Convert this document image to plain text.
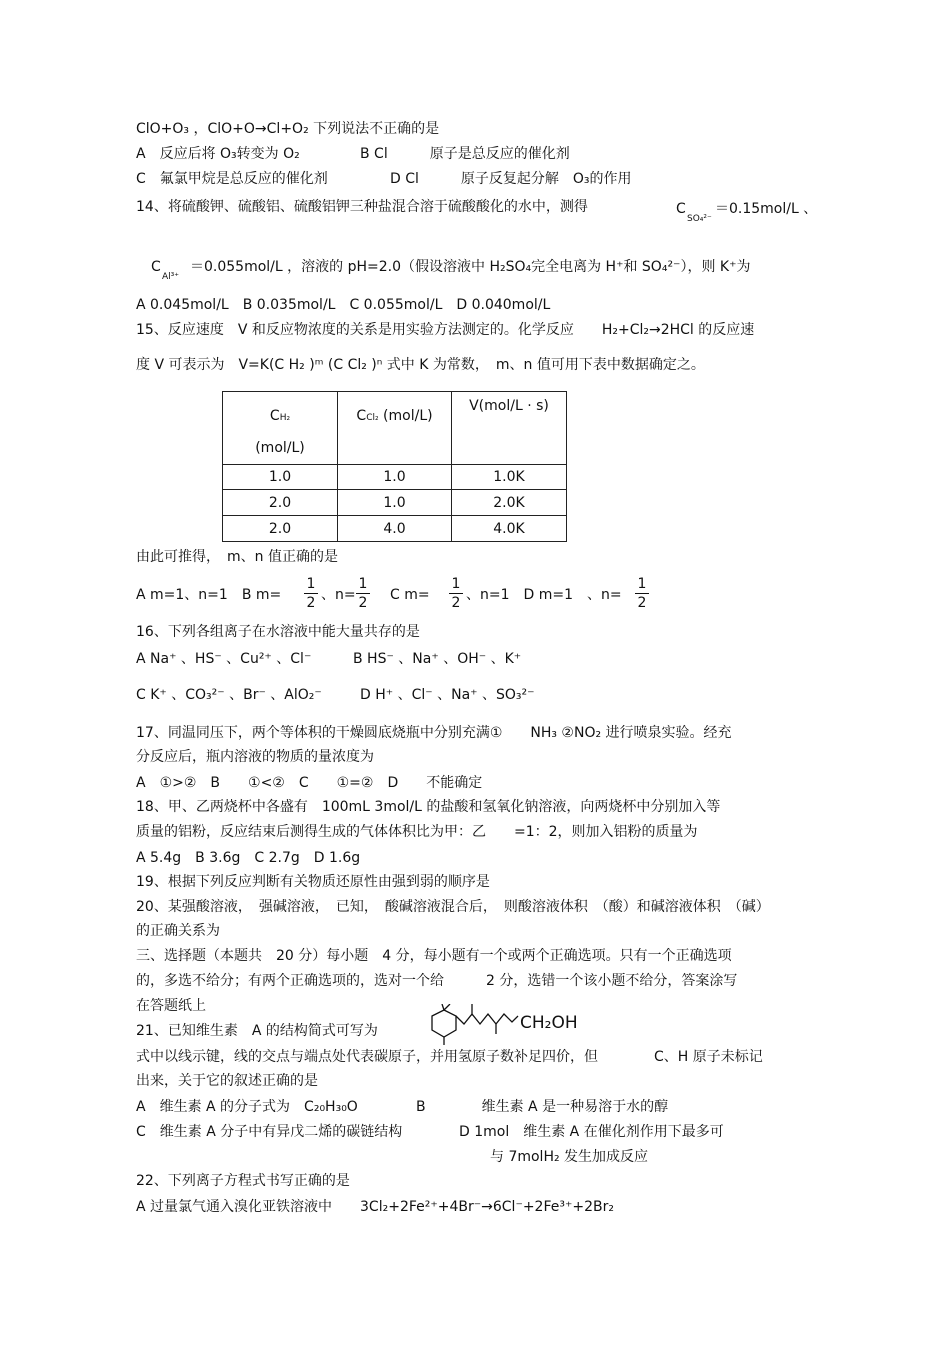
ClO+O₃ ，ClO+O→Cl+O₂ 下列说法不正确的是
A　反应后将 O₃转变为 O₂	B Cl　　　原子是总反应的催化剂
C　氟氯甲烷是总反应的催化剂	D Cl　　　原子反复起分解　O₃的作用
14、将硫酸钾、硫酸铝、硫酸铝钾三种盐混合溶于硫酸酸化的水中，测得	C
SO₄²⁻
＝0.15mol/L 、
C
Al³⁺
＝0.055mol/L ，溶液的 pH=2.0（假设溶液中 H₂SO₄完全电离为 H⁺和 SO₄²⁻），则 K⁺为
A 0.045mol/L　B 0.035mol/L　C 0.055mol/L　D 0.040mol/L
15、反应速度　V 和反应物浓度的关系是用实验方法测定的。化学反应　　H₂+Cl₂→2HCl 的反应速
度 V 可表示为　V=K(C H₂ )ᵐ (C Cl₂ )ⁿ 式中 K 为常数，　m、n 值可用下表中数据确定之。
CH₂

(mol/L)	CCl₂ (mol/L)	V(mol/L · s)
1.0	1.0	1.0K
2.0	1.0	2.0K
2.0	4.0	4.0K
由此可推得，　m、n 值正确的是
A m=1、n=1　B m=
1
2 、n=
1
2 C m=
1
2 、n=1　D m=1　、n=
1
2
16、下列各组离子在水溶液中能大量共存的是
A Na⁺ 、HS⁻ 、Cu²⁺ 、Cl⁻	B HS⁻ 、Na⁺ 、OH⁻ 、K⁺
C K⁺ 、CO₃²⁻ 、Br⁻ 、AlO₂⁻	D H⁺ 、Cl⁻ 、Na⁺ 、SO₃²⁻
17、同温同压下，两个等体积的干燥圆底烧瓶中分别充满①　　NH₃ ②NO₂ 进行喷泉实验。经充
分反应后，瓶内溶液的物质的量浓度为
A　①>②　B　　①<②　C　　①=②　D　　不能确定
18、甲、乙两烧杯中各盛有　100mL 3mol/L 的盐酸和氢氧化钠溶液，向两烧杯中分别加入等
质量的铝粉，反应结束后测得生成的气体体积比为甲：乙　　=1：2，则加入铝粉的质量为
A 5.4g　B 3.6g　C 2.7g　D 1.6g
19、根据下列反应判断有关物质还原性由强到弱的顺序是
20、某强酸溶液，　强碱溶液，　已知，　酸碱溶液混合后，　则酸溶液体积　（酸）和碱溶液体积　（碱）
的正确关系为
三、选择题（本题共　20 分）每小题　4 分，每小题有一个或两个正确选项。只有一个正确选项
的，多选不给分；有两个正确选项的，选对一个给　　　2 分，选错一个该小题不给分，答案涂写
在答题纸上
21、已知维生素　A 的结构简式可写为	CH₂OH
式中以线示键，线的交点与端点处代表碳原子，并用氢原子数补足四价，但　　　　C、H 原子未标记
出来，关于它的叙述正确的是
A　维生素 A 的分子式为　C₂₀H₃₀O	B　　　　维生素 A 是一种易溶于水的醇
C　维生素 A 分子中有异戊二烯的碳链结构	D 1mol　维生素 A 在催化剂作用下最多可
与 7molH₂ 发生加成反应
22、下列离子方程式书写正确的是
A 过量氯气通入溴化亚铁溶液中　　3Cl₂+2Fe²⁺+4Br⁻→6Cl⁻+2Fe³⁺+2Br₂
